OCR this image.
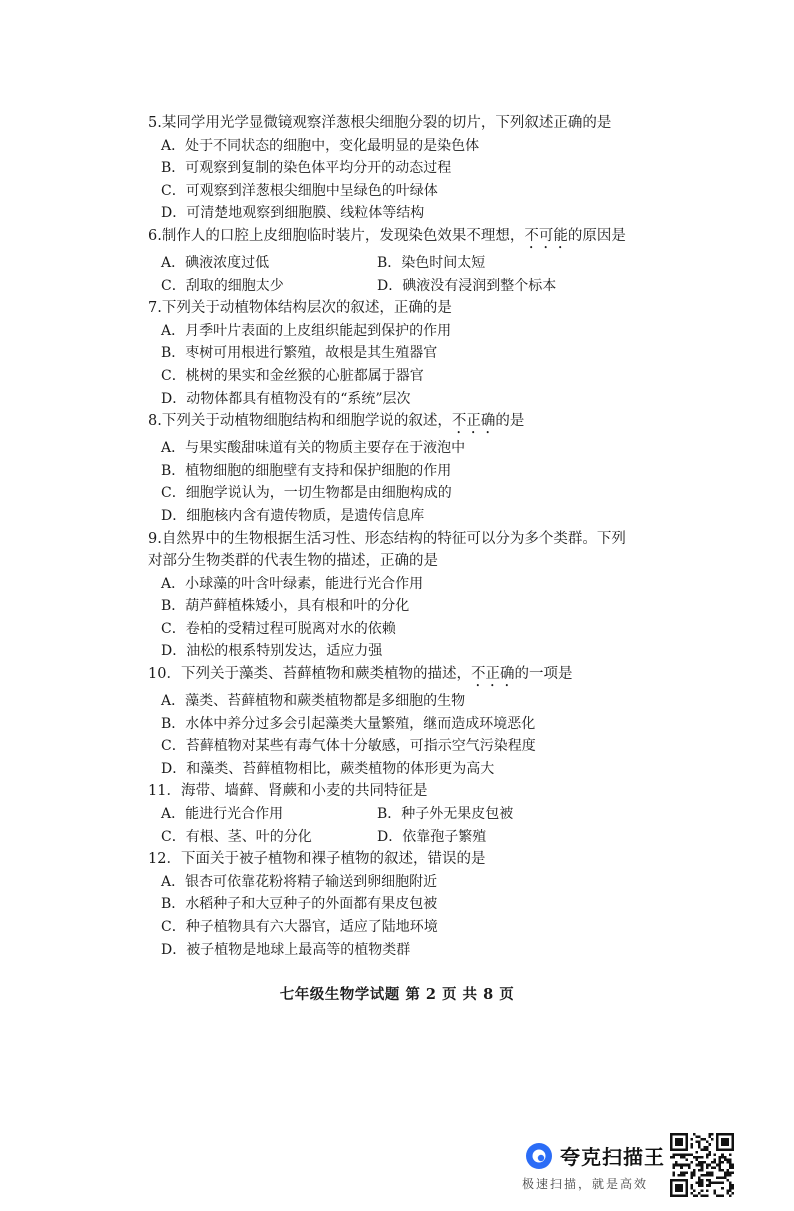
5.某同学用光学显微镜观察洋葱根尖细胞分裂的切片，下列叙述正确的是
A．处于不同状态的细胞中，变化最明显的是染色体
B．可观察到复制的染色体平均分开的动态过程
C．可观察到洋葱根尖细胞中呈绿色的叶绿体
D．可清楚地观察到细胞膜、线粒体等结构
6.制作人的口腔上皮细胞临时装片，发现染色效果不理想，不可能的原因是
A．碘液浓度过低	B．染色时间太短
C．刮取的细胞太少	D．碘液没有浸润到整个标本
7.下列关于动植物体结构层次的叙述，正确的是
A．月季叶片表面的上皮组织能起到保护的作用
B．枣树可用根进行繁殖，故根是其生殖器官
C．桃树的果实和金丝猴的心脏都属于器官
D．动物体都具有植物没有的“系统”层次
8.下列关于动植物细胞结构和细胞学说的叙述，不正确的是
A．与果实酸甜味道有关的物质主要存在于液泡中
B．植物细胞的细胞壁有支持和保护细胞的作用
C．细胞学说认为，一切生物都是由细胞构成的
D．细胞核内含有遗传物质，是遗传信息库
9.自然界中的生物根据生活习性、形态结构的特征可以分为多个类群。下列
对部分生物类群的代表生物的描述，正确的是
A．小球藻的叶含叶绿素，能进行光合作用
B．葫芦藓植株矮小，具有根和叶的分化
C．卷柏的受精过程可脱离对水的依赖
D．油松的根系特别发达，适应力强
10．下列关于藻类、苔藓植物和蕨类植物的描述，不正确的一项是
A．藻类、苔藓植物和蕨类植物都是多细胞的生物
B．水体中养分过多会引起藻类大量繁殖，继而造成环境恶化
C．苔藓植物对某些有毒气体十分敏感，可指示空气污染程度
D．和藻类、苔藓植物相比，蕨类植物的体形更为高大
11．海带、墙藓、肾蕨和小麦的共同特征是
A．能进行光合作用	B．种子外无果皮包被
C．有根、茎、叶的分化	D．依靠孢子繁殖
12．下面关于被子植物和裸子植物的叙述，错误的是
A．银杏可依靠花粉将精子输送到卵细胞附近
B．水稻种子和大豆种子的外面都有果皮包被
C．种子植物具有六大器官，适应了陆地环境
D．被子植物是地球上最高等的植物类群
七年级生物学试题 第 2 页 共 8 页
夸克扫描王
极速扫描，就是高效
